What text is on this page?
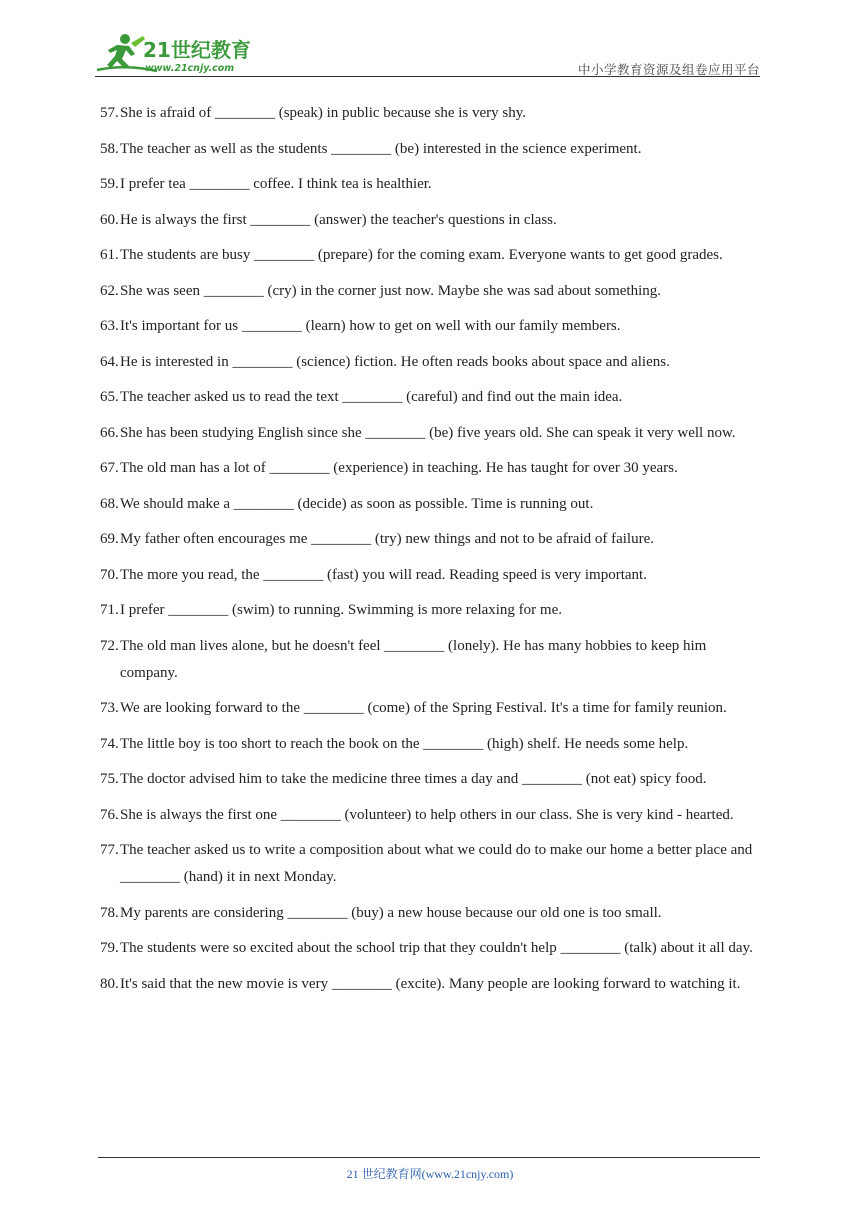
21世纪教育
www.21cnjy.com	中小学教育资源及组卷应用平台
57. She is afraid of ________ (speak) in public because she is very shy.
58. The teacher as well as the students ________ (be) interested in the science experiment.
59. I prefer tea ________ coffee. I think tea is healthier.
60. He is always the first ________ (answer) the teacher's questions in class.
61. The students are busy ________ (prepare) for the coming exam. Everyone wants to get good grades.
62. She was seen ________ (cry) in the corner just now. Maybe she was sad about something.
63. It's important for us ________ (learn) how to get on well with our family members.
64. He is interested in ________ (science) fiction. He often reads books about space and aliens.
65. The teacher asked us to read the text ________ (careful) and find out the main idea.
66. She has been studying English since she ________ (be) five years old. She can speak it very well now.
67. The old man has a lot of ________ (experience) in teaching. He has taught for over 30 years.
68. We should make a ________ (decide) as soon as possible. Time is running out.
69. My father often encourages me ________ (try) new things and not to be afraid of failure.
70. The more you read, the ________ (fast) you will read. Reading speed is very important.
71. I prefer ________ (swim) to running. Swimming is more relaxing for me.
72. The old man lives alone, but he doesn't feel ________ (lonely). He has many hobbies to keep him company.
73. We are looking forward to the ________ (come) of the Spring Festival. It's a time for family reunion.
74. The little boy is too short to reach the book on the ________ (high) shelf. He needs some help.
75. The doctor advised him to take the medicine three times a day and ________ (not eat) spicy food.
76. She is always the first one ________ (volunteer) to help others in our class. She is very kind - hearted.
77. The teacher asked us to write a composition about what we could do to make our home a better place and ________ (hand) it in next Monday.
78. My parents are considering ________ (buy) a new house because our old one is too small.
79. The students were so excited about the school trip that they couldn't help ________ (talk) about it all day.
80. It's said that the new movie is very ________ (excite). Many people are looking forward to watching it.
21 世纪教育网(www.21cnjy.com)
